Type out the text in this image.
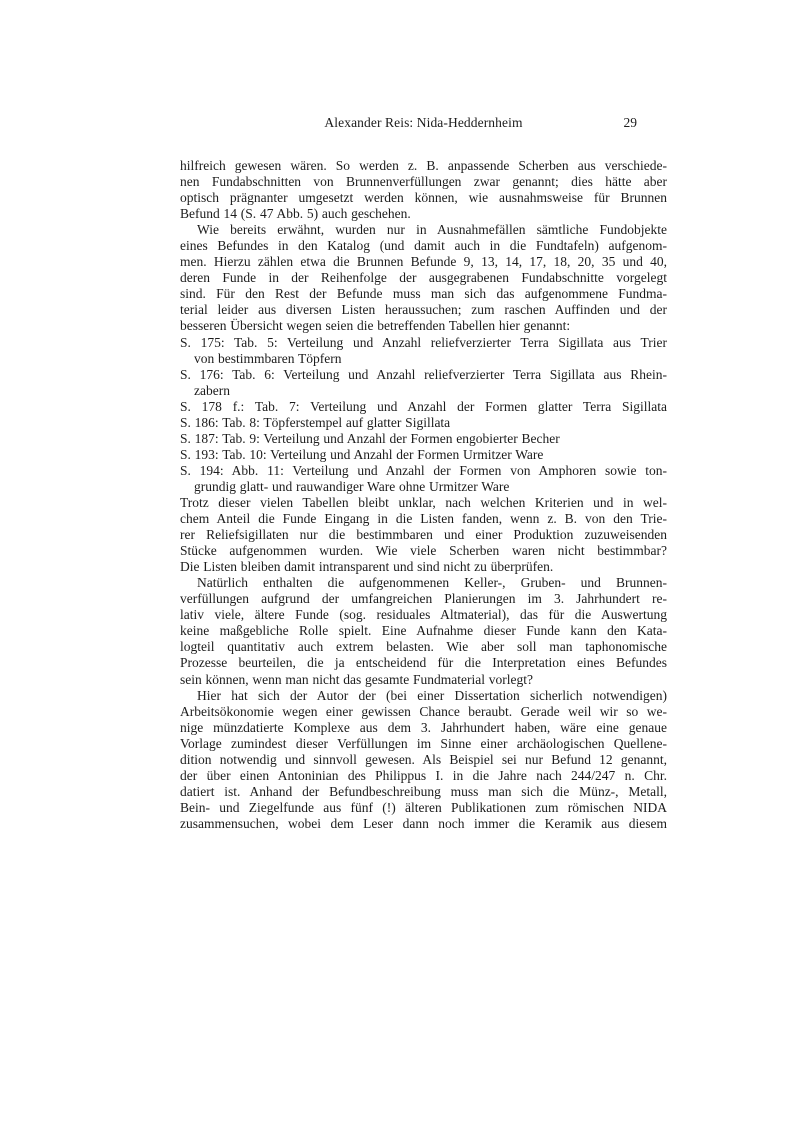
Alexander Reis: Nida-Heddernheim	29
hilfreich gewesen wären. So werden z. B. anpassende Scherben aus verschiede-
nen Fundabschnitten von Brunnenverfüllungen zwar genannt; dies hätte aber
optisch prägnanter umgesetzt werden können, wie ausnahmsweise für Brunnen
Befund 14 (S. 47 Abb. 5) auch geschehen.
Wie bereits erwähnt, wurden nur in Ausnahmefällen sämtliche Fundobjekte
eines Befundes in den Katalog (und damit auch in die Fundtafeln) aufgenom-
men. Hierzu zählen etwa die Brunnen Befunde 9, 13, 14, 17, 18, 20, 35 und 40,
deren Funde in der Reihenfolge der ausgegrabenen Fundabschnitte vorgelegt
sind. Für den Rest der Befunde muss man sich das aufgenommene Fundma-
terial leider aus diversen Listen heraussuchen; zum raschen Auffinden und der
besseren Übersicht wegen seien die betreffenden Tabellen hier genannt:
S. 175: Tab. 5: Verteilung und Anzahl reliefverzierter Terra Sigillata aus Trier
von bestimmbaren Töpfern
S. 176: Tab. 6: Verteilung und Anzahl reliefverzierter Terra Sigillata aus Rhein-
zabern
S. 178 f.: Tab. 7: Verteilung und Anzahl der Formen glatter Terra Sigillata
S. 186: Tab. 8: Töpferstempel auf glatter Sigillata
S. 187: Tab. 9: Verteilung und Anzahl der Formen engobierter Becher
S. 193: Tab. 10: Verteilung und Anzahl der Formen Urmitzer Ware
S. 194: Abb. 11: Verteilung und Anzahl der Formen von Amphoren sowie ton-
grundig glatt- und rauwandiger Ware ohne Urmitzer Ware
Trotz dieser vielen Tabellen bleibt unklar, nach welchen Kriterien und in wel-
chem Anteil die Funde Eingang in die Listen fanden, wenn z. B. von den Trie-
rer Reliefsigillaten nur die bestimmbaren und einer Produktion zuzuweisenden
Stücke aufgenommen wurden. Wie viele Scherben waren nicht bestimmbar?
Die Listen bleiben damit intransparent und sind nicht zu überprüfen.
Natürlich enthalten die aufgenommenen Keller-, Gruben- und Brunnen-
verfüllungen aufgrund der umfangreichen Planierungen im 3. Jahrhundert re-
lativ viele, ältere Funde (sog. residuales Altmaterial), das für die Auswertung
keine maßgebliche Rolle spielt. Eine Aufnahme dieser Funde kann den Kata-
logteil quantitativ auch extrem belasten. Wie aber soll man taphonomische
Prozesse beurteilen, die ja entscheidend für die Interpretation eines Befundes
sein können, wenn man nicht das gesamte Fundmaterial vorlegt?
Hier hat sich der Autor der (bei einer Dissertation sicherlich notwendigen)
Arbeitsökonomie wegen einer gewissen Chance beraubt. Gerade weil wir so we-
nige münzdatierte Komplexe aus dem 3. Jahrhundert haben, wäre eine genaue
Vorlage zumindest dieser Verfüllungen im Sinne einer archäologischen Quellene-
dition notwendig und sinnvoll gewesen. Als Beispiel sei nur Befund 12 genannt,
der über einen Antoninian des Philippus I. in die Jahre nach 244/247 n. Chr.
datiert ist. Anhand der Befundbeschreibung muss man sich die Münz-, Metall,
Bein- und Ziegelfunde aus fünf (!) älteren Publikationen zum römischen NIDA
zusammensuchen, wobei dem Leser dann noch immer die Keramik aus diesem
